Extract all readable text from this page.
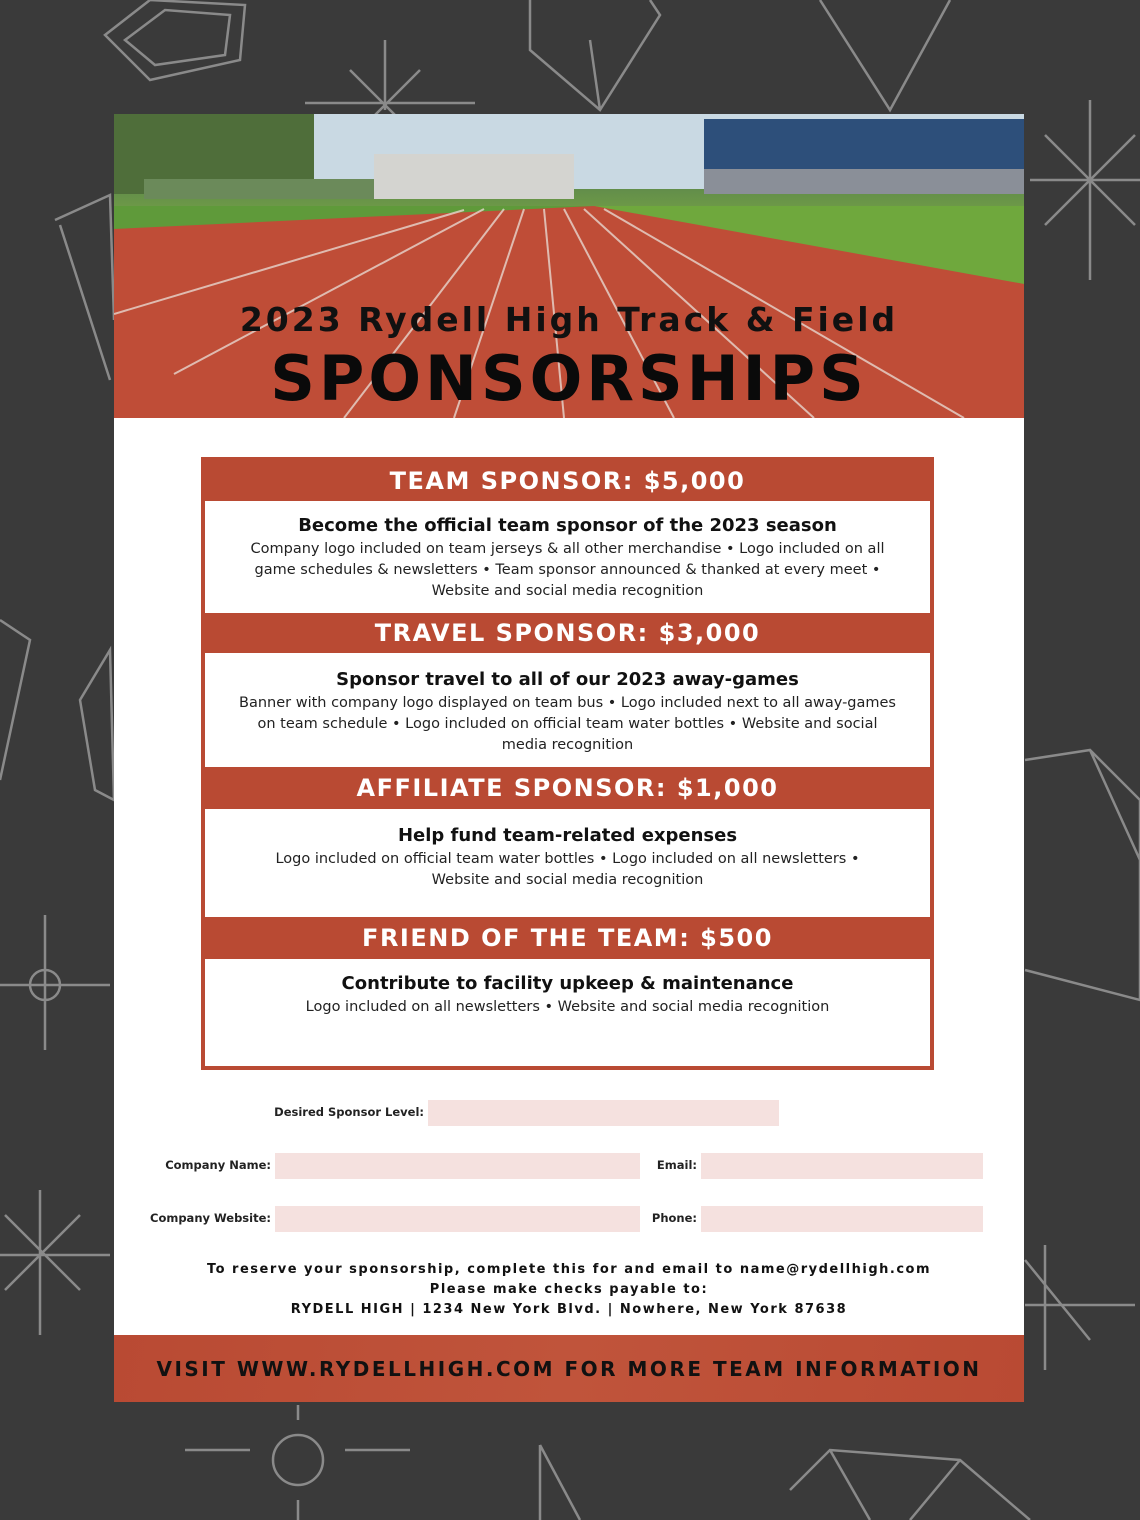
2023 Rydell High Track & Field
SPONSORSHIPS
TEAM SPONSOR: $5,000
Become the official team sponsor of the 2023 season
Company logo included on team jerseys & all other merchandise • Logo included on all game schedules & newsletters • Team sponsor announced & thanked at every meet • Website and social media recognition
TRAVEL SPONSOR: $3,000
Sponsor travel to all of our 2023 away-games
Banner with company logo displayed on team bus • Logo included next to all away-games on team schedule • Logo included on official team water bottles • Website and social media recognition
AFFILIATE SPONSOR: $1,000
Help fund team-related expenses
Logo included on official team water bottles • Logo included on all newsletters • Website and social media recognition
FRIEND OF THE TEAM: $500
Contribute to facility upkeep & maintenance
Logo included on all newsletters • Website and social media recognition
Desired Sponsor Level:
Company Name:	Email:
Company Website:	Phone:
To reserve your sponsorship, complete this for and email to name@rydellhigh.com
Please make checks payable to:
RYDELL HIGH | 1234 New York Blvd. | Nowhere, New York 87638
VISIT WWW.RYDELLHIGH.COM FOR MORE TEAM INFORMATION
